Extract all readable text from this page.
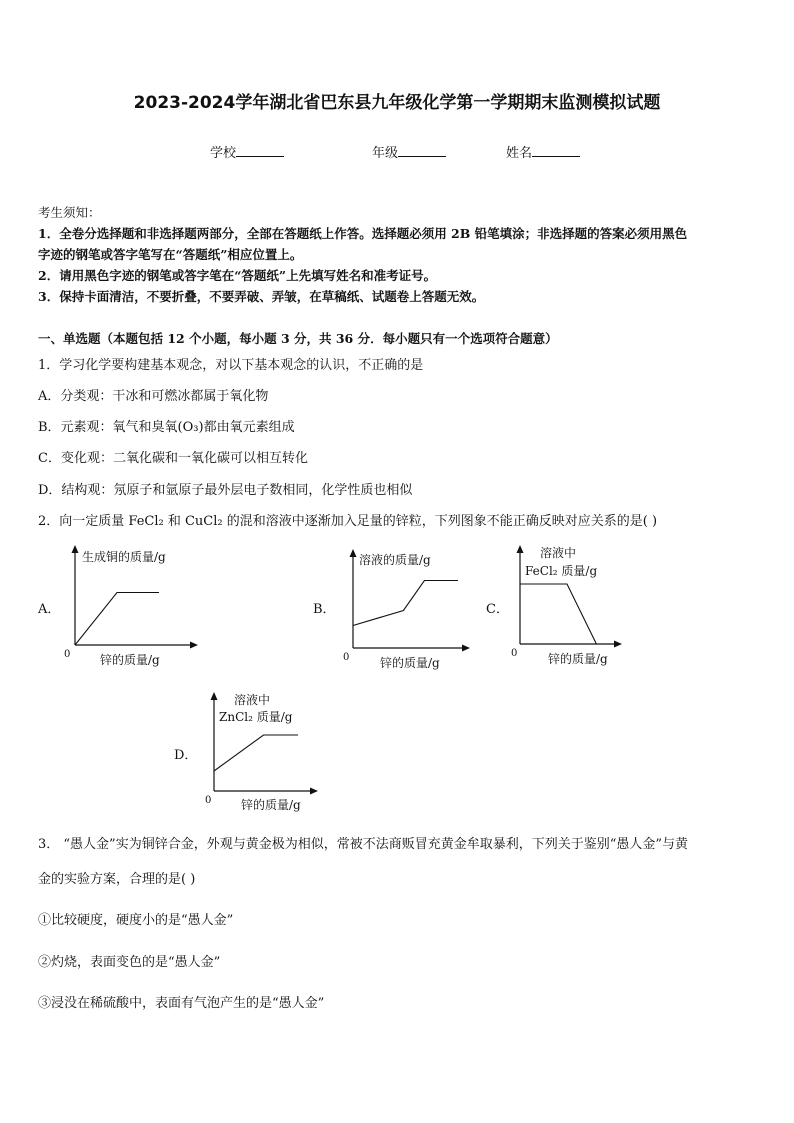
2023-2024学年湖北省巴东县九年级化学第一学期期末监测模拟试题
学校	年级	姓名
考生须知：
1．全卷分选择题和非选择题两部分，全部在答题纸上作答。选择题必须用 2B 铅笔填涂；非选择题的答案必须用黑色
字迹的钢笔或答字笔写在“答题纸”相应位置上。
2．请用黑色字迹的钢笔或答字笔在“答题纸”上先填写姓名和准考证号。
3．保持卡面清洁，不要折叠，不要弄破、弄皱，在草稿纸、试题卷上答题无效。
一、单选题（本题包括 12 个小题，每小题 3 分，共 36 分．每小题只有一个选项符合题意）
1．学习化学要构建基本观念，对以下基本观念的认识，不正确的是
A．分类观：干冰和可燃冰都属于氧化物
B．元素观：氧气和臭氧(O₃)都由氧元素组成
C．变化观：二氧化碳和一氧化碳可以相互转化
D．结构观：氖原子和氩原子最外层电子数相同，化学性质也相似
2．向一定质量 FeCl₂ 和 CuCl₂ 的混和溶液中逐渐加入足量的锌粒，下列图象不能正确反映对应关系的是( )
A．
生成铜的质量/g
锌的质量/g
0
B．
溶液的质量/g
锌的质量/g
0
C．
溶液中
FeCl₂ 质量/g
锌的质量/g
0
D．
溶液中
ZnCl₂ 质量/g
锌的质量/g
0
3． “愚人金”实为铜锌合金，外观与黄金极为相似，常被不法商贩冒充黄金牟取暴利，下列关于鉴别“愚人金”与黄
金的实验方案，合理的是( )
①比较硬度，硬度小的是“愚人金”
②灼烧，表面变色的是“愚人金”
③浸没在稀硫酸中，表面有气泡产生的是“愚人金”
